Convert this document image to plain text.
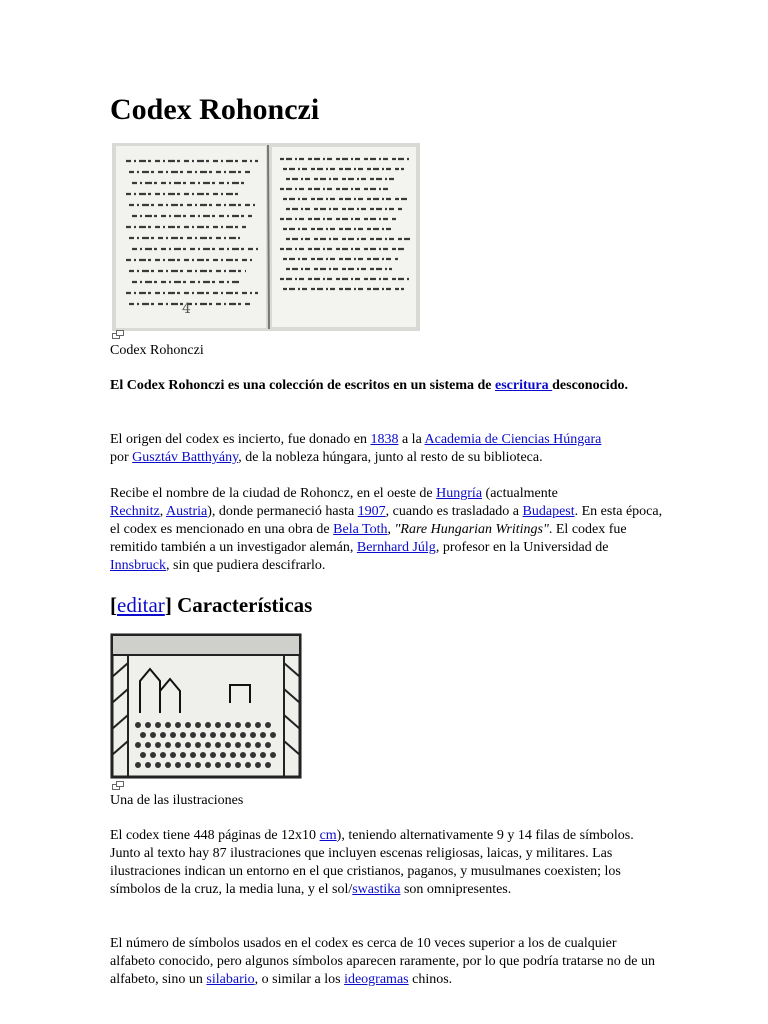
Codex Rohonczi
4
Codex Rohonczi

El Codex Rohonczi es una colección de escritos en un sistema de escritura desconocido.

El origen del codex es incierto, fue donado en 1838 a la Academia de Ciencias Húngara
por Gusztáv Batthyány, de la nobleza húngara, junto al resto de su biblioteca.

Recibe el nombre de la ciudad de Rohoncz, en el oeste de Hungría (actualmente
Rechnitz, Austria), donde permaneció hasta 1907, cuando es trasladado a Budapest. En esta época, el codex es mencionado en una obra de Bela Toth, "Rare Hungarian Writings". El codex fue remitido también a un investigador alemán, Bernhard Júlg, profesor en la Universidad de Innsbruck, sin que pudiera descifrarlo.

[editar] Características
Una de las ilustraciones

El codex tiene 448 páginas de 12x10 cm), teniendo alternativamente 9 y 14 filas de símbolos. Junto al texto hay 87 ilustraciones que incluyen escenas religiosas, laicas, y militares. Las ilustraciones indican un entorno en el que cristianos, paganos, y musulmanes coexisten; los símbolos de la cruz, la media luna, y el sol/swastika son omnipresentes.

El número de símbolos usados en el codex es cerca de 10 veces superior a los de cualquier alfabeto conocido, pero algunos símbolos aparecen raramente, por lo que podría tratarse no de un alfabeto, sino un silabario, o similar a los ideogramas chinos.
